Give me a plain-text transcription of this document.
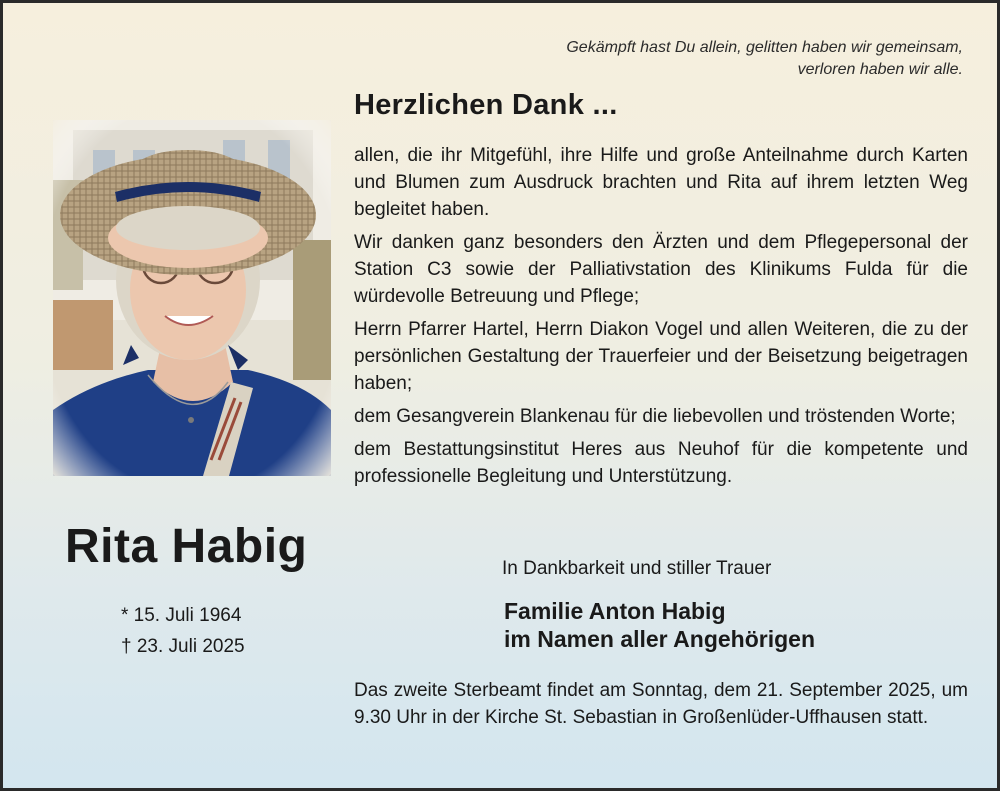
Gekämpft hast Du allein, gelitten haben wir gemeinsam,
verloren haben wir alle.
Herzlichen Dank ...

allen, die ihr Mitgefühl, ihre Hilfe und große Anteilnahme durch Karten und Blumen zum Ausdruck brachten und Rita auf ihrem letzten Weg begleitet haben.

Wir danken ganz besonders den Ärzten und dem Pflegepersonal der Station C3 sowie der Palliativstation des Klinikums Fulda für die würdevolle Betreuung und Pflege;

Herrn Pfarrer Hartel, Herrn Diakon Vogel und allen Weiteren, die zu der persönlichen Gestaltung der Trauerfeier und der Beisetzung beigetragen haben;

dem Gesangverein Blankenau für die liebevollen und tröstenden Worte;

dem Bestattungsinstitut Heres aus Neuhof für die kompetente und professionelle Begleitung und Unterstützung.

Rita Habig
* 15. Juli 1964
† 23. Juli 2025
In Dankbarkeit und stiller Trauer
Familie Anton Habig
im Namen aller Angehörigen
Das zweite Sterbeamt findet am Sonntag, dem 21. September 2025, um 9.30 Uhr in der Kirche St. Sebastian in Großenlüder-Uffhausen statt.
